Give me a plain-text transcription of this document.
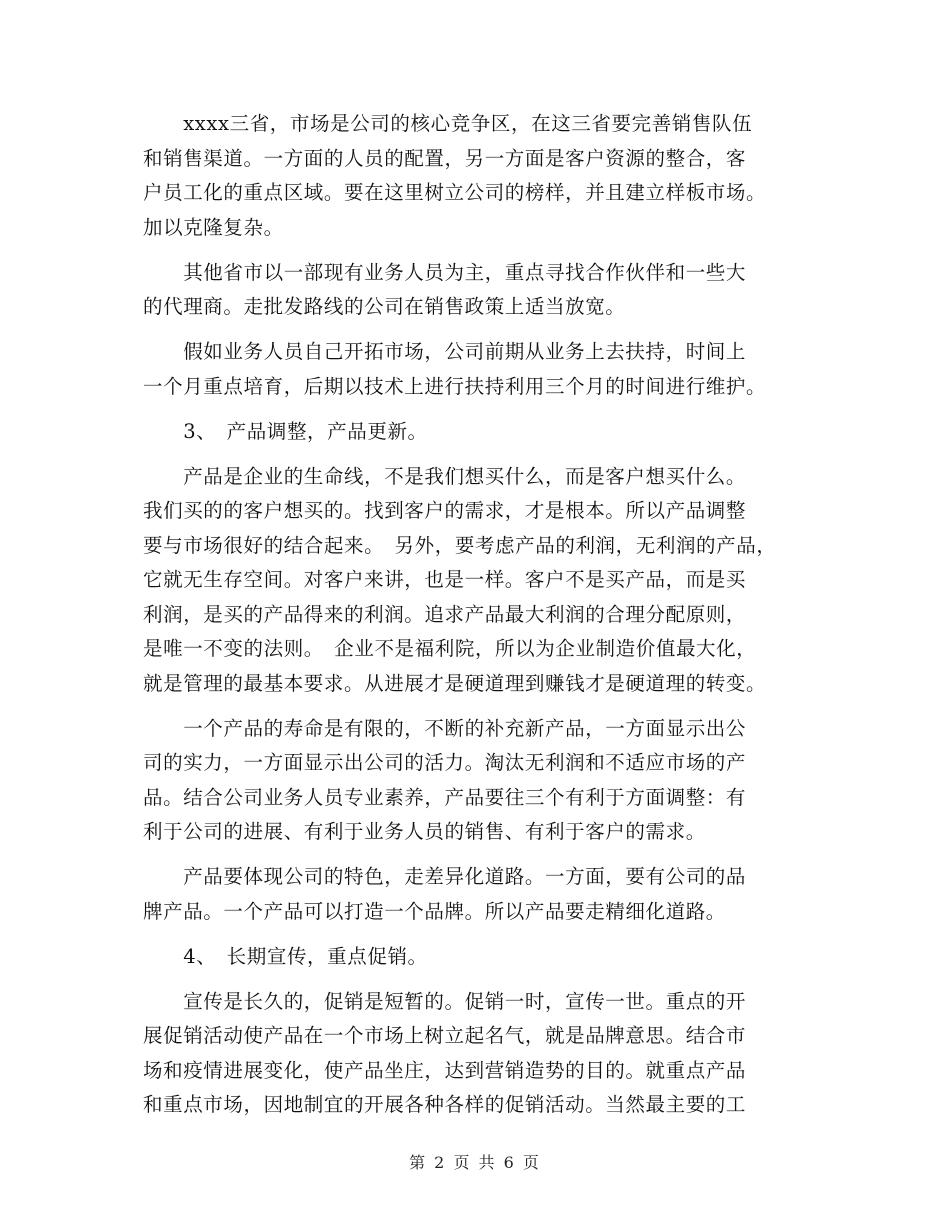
　　xxxx三省，市场是公司的核心竞争区，在这三省要完善销售队伍
和销售渠道。一方面的人员的配置，另一方面是客户资源的整合，客
户员工化的重点区域。要在这里树立公司的榜样，并且建立样板市场。
加以克隆复杂。

　　其他省市以一部现有业务人员为主，重点寻找合作伙伴和一些大
的代理商。走批发路线的公司在销售政策上适当放宽。

　　假如业务人员自己开拓市场，公司前期从业务上去扶持，时间上
一个月重点培育，后期以技术上进行扶持利用三个月的时间进行维护。

　　3、　产品调整，产品更新。

　　产品是企业的生命线，不是我们想买什么，而是客户想买什么。
我们买的的客户想买的。找到客户的需求，才是根本。所以产品调整
要与市场很好的结合起来。　另外，要考虑产品的利润，无利润的产品，
它就无生存空间。对客户来讲，也是一样。客户不是买产品，而是买
利润，是买的产品得来的利润。追求产品最大利润的合理分配原则，
是唯一不变的法则。　企业不是福利院，所以为企业制造价值最大化，
就是管理的最基本要求。从进展才是硬道理到赚钱才是硬道理的转变。

　　一个产品的寿命是有限的，不断的补充新产品，一方面显示出公
司的实力，一方面显示出公司的活力。淘汰无利润和不适应市场的产
品。结合公司业务人员专业素养，产品要往三个有利于方面调整：有
利于公司的进展、有利于业务人员的销售、有利于客户的需求。

　　产品要体现公司的特色，走差异化道路。一方面，要有公司的品
牌产品。一个产品可以打造一个品牌。所以产品要走精细化道路。

　　4、　长期宣传，重点促销。

　　宣传是长久的，促销是短暂的。促销一时，宣传一世。重点的开
展促销活动使产品在一个市场上树立起名气，就是品牌意思。结合市
场和疫情进展变化，使产品坐庄，达到营销造势的目的。就重点产品
和重点市场，因地制宜的开展各种各样的促销活动。当然最主要的工

第 2 页 共 6 页
